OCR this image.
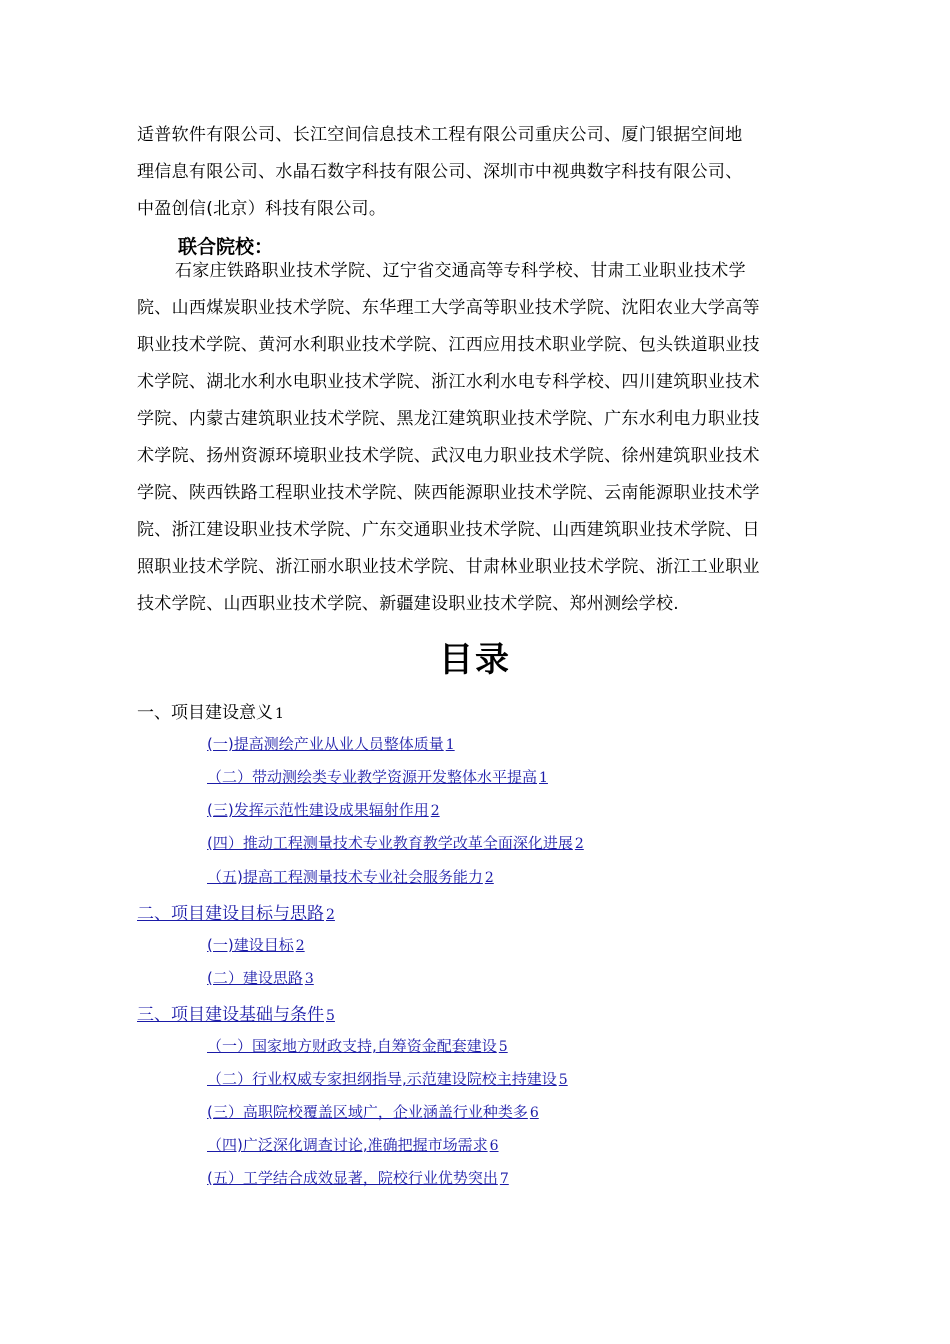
适普软件有限公司、长江空间信息技术工程有限公司重庆公司、厦门银据空间地
理信息有限公司、水晶石数字科技有限公司、深圳市中视典数字科技有限公司、
中盈创信(北京）科技有限公司。
联合院校：
石家庄铁路职业技术学院、辽宁省交通高等专科学校、甘肃工业职业技术学
院、山西煤炭职业技术学院、东华理工大学高等职业技术学院、沈阳农业大学高等
职业技术学院、黄河水利职业技术学院、江西应用技术职业学院、包头铁道职业技
术学院、湖北水利水电职业技术学院、浙江水利水电专科学校、四川建筑职业技术
学院、内蒙古建筑职业技术学院、黑龙江建筑职业技术学院、广东水利电力职业技
术学院、扬州资源环境职业技术学院、武汉电力职业技术学院、徐州建筑职业技术
学院、陕西铁路工程职业技术学院、陕西能源职业技术学院、云南能源职业技术学
院、浙江建设职业技术学院、广东交通职业技术学院、山西建筑职业技术学院、日
照职业技术学院、浙江丽水职业技术学院、甘肃林业职业技术学院、浙江工业职业
技术学院、山西职业技术学院、新疆建设职业技术学院、郑州测绘学校.
目录
一、项目建设意义 1
(一)提高测绘产业从业人员整体质量 1
（二）带动测绘类专业教学资源开发整体水平提高 1
(三)发挥示范性建设成果辐射作用 2
(四）推动工程测量技术专业教育教学改革全面深化进展 2
（五)提高工程测量技术专业社会服务能力 2
二、项目建设目标与思路 2
(一)建设目标 2
(二）建设思路 3
三、项目建设基础与条件 5
（一）国家地方财政支持,自筹资金配套建设 5
（二）行业权威专家担纲指导,示范建设院校主持建设 5
(三）高职院校覆盖区域广，企业涵盖行业种类多 6
（四)广泛深化调查讨论,准确把握市场需求 6
(五）工学结合成效显著，院校行业优势突出 7
